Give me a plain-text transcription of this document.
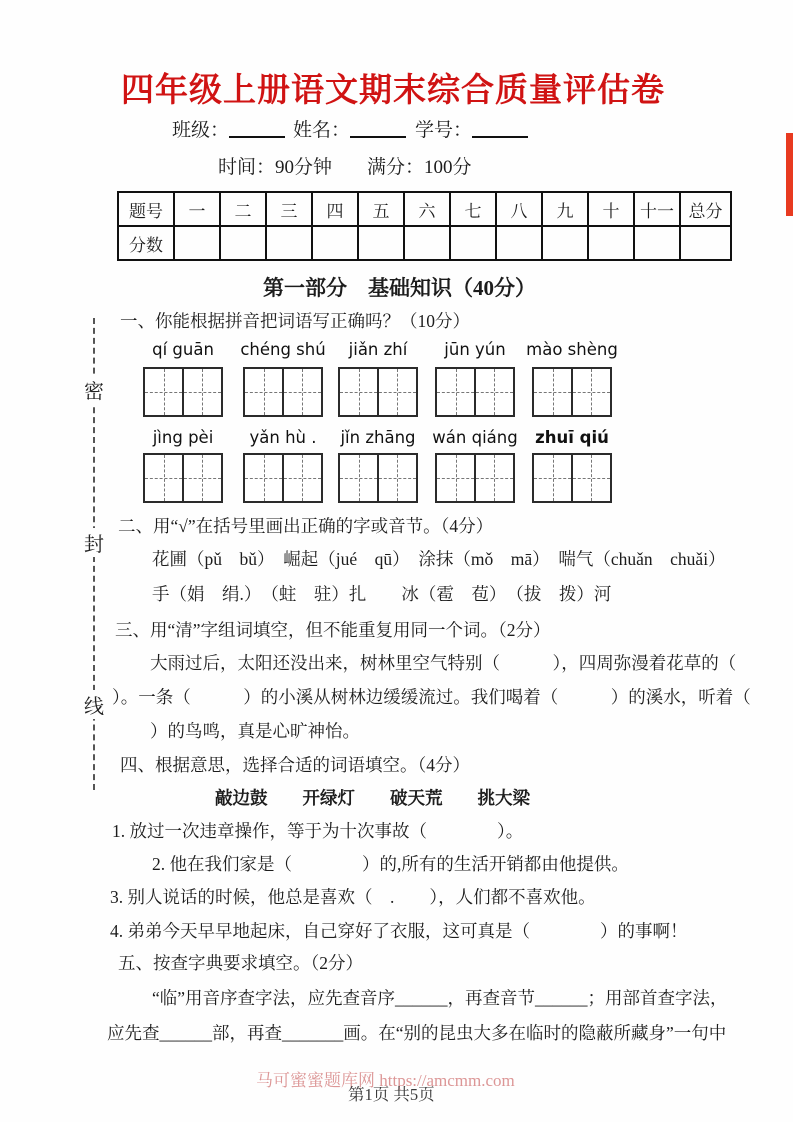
密
封
线
四年级上册语文期末综合质量评估卷
班级：	姓名：	学号：
时间：90分钟 满分：100分
题号	一	二	三	四	五	六	七	八	九	十	十一	总分
分数												
第一部分　基础知识（40分）
一、你能根据拼音把词语写正确吗？（10分）
qí guān	chéng shú	jiǎn zhí	jūn yún	mào shèng
jìng pèi	yǎn hù .	jǐn zhāng	wán qiáng	zhuī qiú
二、用“√”在括号里画出正确的字或音节。（4分）
花圃（pǔ　bǔ）　崛起（jué　qū）　涂抹（mǒ　mā）　喘气（chuǎn　chuǎi）
手（娟　绢.）　（蛀　驻）扎　　冰（雹　苞）　（拔　拨）河
三、用“清”字组词填空，但不能重复用同一个词。（2分）
大雨过后，太阳还没出来，树林里空气特别（　　　），四周弥漫着花草的（
）。一条（　　　）的小溪从树林边缓缓流过。我们喝着（　　　）的溪水，听着（
）的鸟鸣，真是心旷神怡。
四、根据意思，选择合适的词语填空。（4分）
敲边鼓　　开绿灯　　破天荒　　挑大梁
1. 放过一次违章操作，等于为十次事故（　　　　）。
2. 他在我们家是（　　　　）的,所有的生活开销都由他提供。
3. 别人说话的时候，他总是喜欢（　.　　），人们都不喜欢他。
4. 弟弟今天早早地起床，自己穿好了衣服，这可真是（　　　　）的事啊！
五、按查字典要求填空。（2分）
“临”用音序查字法，应先查音序______，再查音节______；用部首查字法，
应先查______部，再查_______画。在“别的昆虫大多在临时的隐蔽所藏身”一句中
马可蜜蜜题库网 https://amcmm.com
第1页 共5页
